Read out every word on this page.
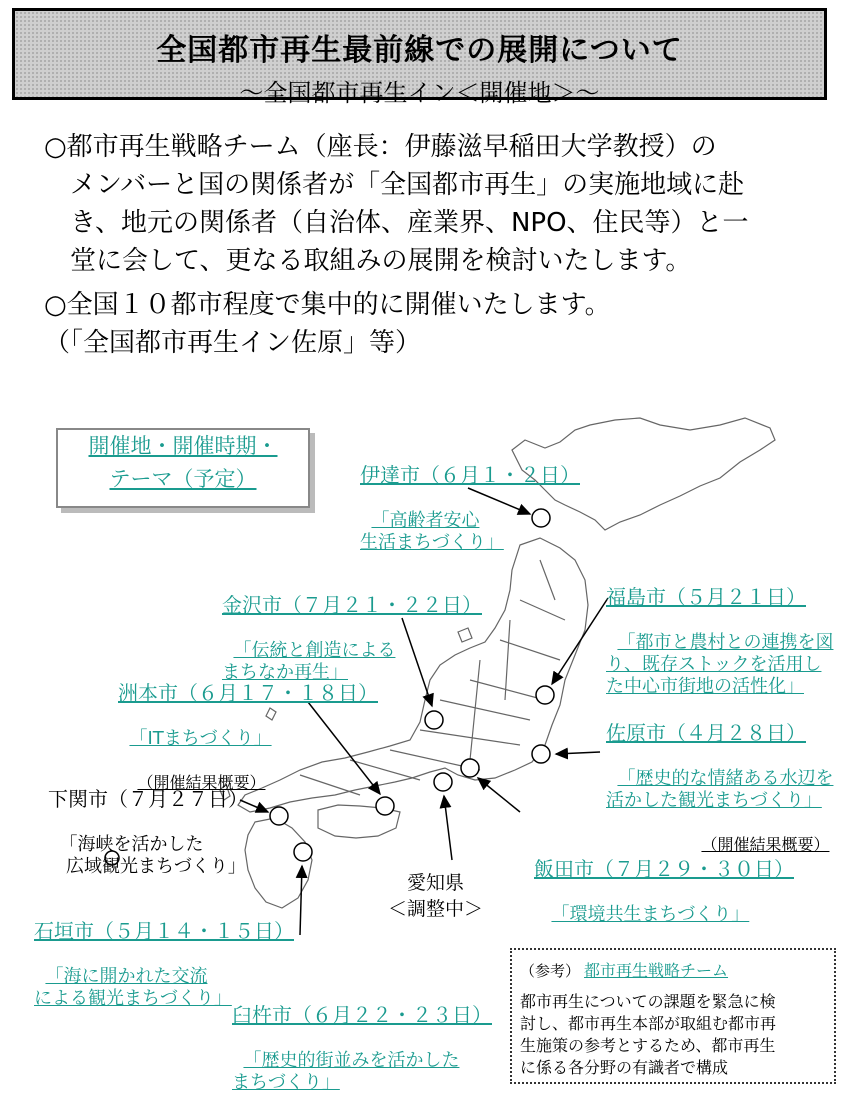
全国都市再生最前線での展開について
～全国都市再生イン＜開催地＞～
○都市再生戦略チーム（座長：伊藤滋早稲田大学教授）の
　メンバーと国の関係者が「全国都市再生」の実施地域に赴
　き、地元の関係者（自治体、産業界、NPO、住民等）と一
　堂に会して、更なる取組みの展開を検討いたします。
○全国１０都市程度で集中的に開催いたします。
（「全国都市再生イン佐原」等）
開催地・開催時期・
テーマ（予定）

	伊達市（６月１・２日）

「高齢者安心
生活まちづくり」

福島市（５月２１日）

「都市と農村との連携を図
り、既存ストックを活用し
た中心市街地の活性化」

金沢市（７月２１・２２日）

「伝統と創造による
まちなか再生」

洲本市（６月１７・１８日）

「ITまちづくり」

（開催結果概要）

佐原市（４月２８日）

「歴史的な情緒ある水辺を
活かした観光まちづくり」

（開催結果概要）

下関市（７月２７日）

「海峡を活かした
　広域観光まちづくり」

	飯田市（７月２９・３０日）

「環境共生まちづくり」

石垣市（５月１４・１５日）

「海に開かれた交流
による観光まちづくり」

愛知県
＜調整中＞

臼杵市（６月２２・２３日）

「歴史的街並みを活かした
まちづくり」

（参考） 都市再生戦略チーム
都市再生についての課題を緊急に検
討し、都市再生本部が取組む都市再
生施策の参考とするため、都市再生
に係る各分野の有識者で構成
